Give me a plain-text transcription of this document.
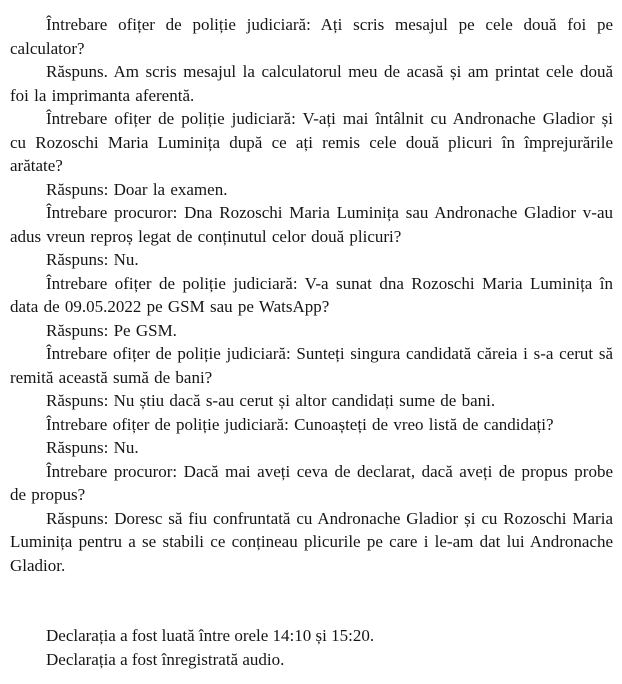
Întrebare ofițer de poliție judiciară: Ați scris mesajul pe cele două foi pe calculator?

Răspuns. Am scris mesajul la calculatorul meu de acasă și am printat cele două foi la imprimanta aferentă.

Întrebare ofițer de poliție judiciară: V-ați mai întâlnit cu Andronache Gladior și cu Rozoschi Maria Luminița după ce ați remis cele două plicuri în împrejurările arătate?

Răspuns: Doar la examen.

Întrebare procuror: Dna Rozoschi Maria Luminița sau Andronache Gladior v-au adus vreun reproș legat de conținutul celor două plicuri?

Răspuns: Nu.

Întrebare ofițer de poliție judiciară: V-a sunat dna Rozoschi Maria Luminița în data de 09.05.2022 pe GSM sau pe WatsApp?

Răspuns: Pe GSM.

Întrebare ofițer de poliție judiciară: Sunteți singura candidată căreia i s-a cerut să remită această sumă de bani?

Răspuns: Nu știu dacă s-au cerut și altor candidați sume de bani.

Întrebare ofițer de poliție judiciară: Cunoașteți de vreo listă de candidați?

Răspuns: Nu.

Întrebare procuror: Dacă mai aveți ceva de declarat, dacă aveți de propus probe de propus?

Răspuns: Doresc să fiu confruntată cu Andronache Gladior și cu Rozoschi Maria Luminița pentru a se stabili ce conțineau plicurile pe care i le-am dat lui Andronache Gladior.

Declarația a fost luată între orele 14:10 și 15:20.

Declarația a fost înregistrată audio.
